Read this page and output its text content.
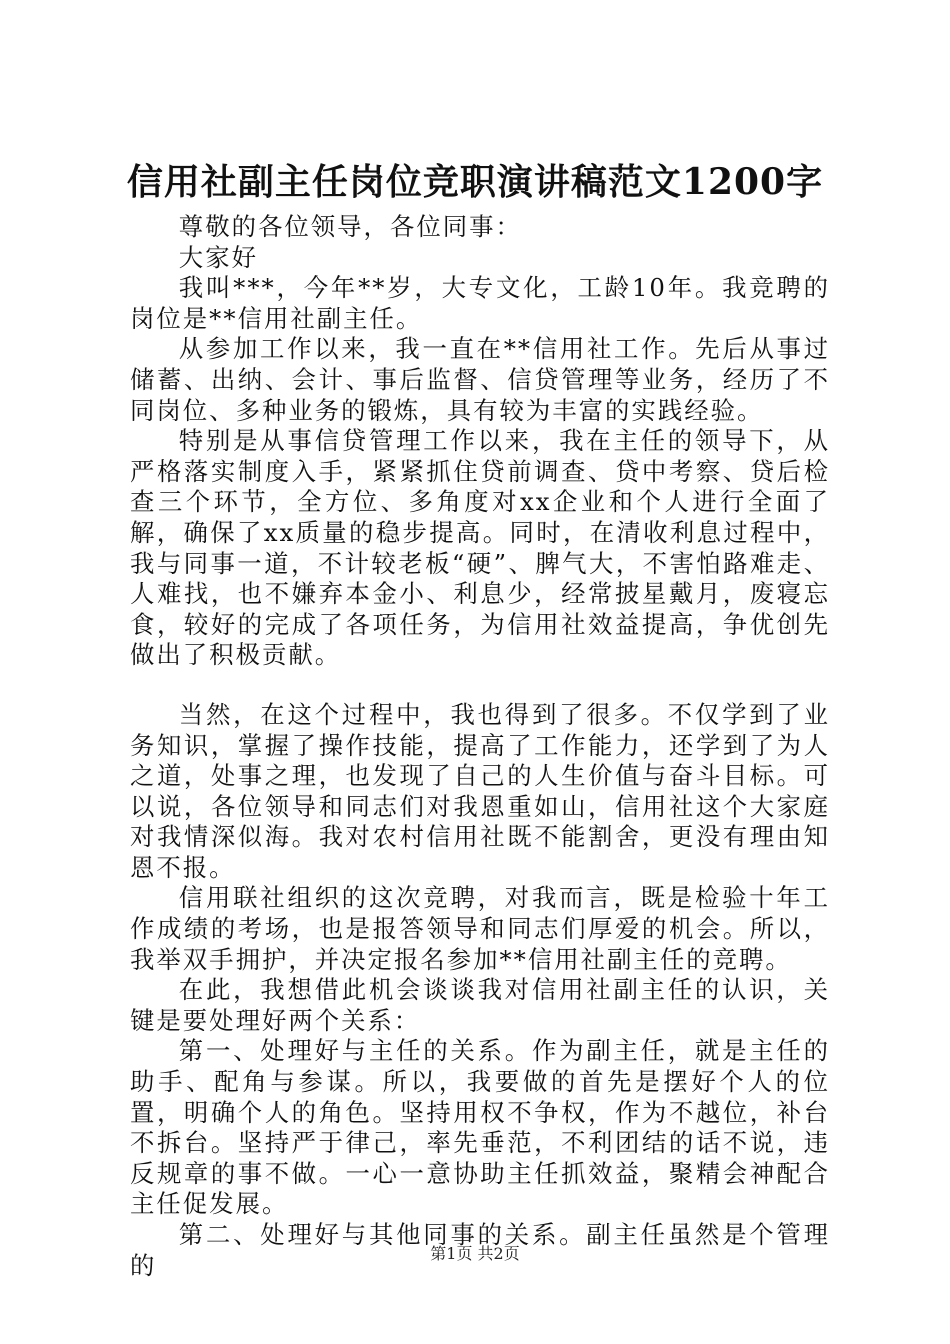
信用社副主任岗位竞职演讲稿范文1200字

尊敬的各位领导，各位同事：

大家好

我叫***，今年**岁，大专文化，工龄10年。我竞聘的岗位是**信用社副主任。

从参加工作以来，我一直在**信用社工作。先后从事过储蓄、出纳、会计、事后监督、信贷管理等业务，经历了不同岗位、多种业务的锻炼，具有较为丰富的实践经验。

特别是从事信贷管理工作以来，我在主任的领导下，从严格落实制度入手，紧紧抓住贷前调查、贷中考察、贷后检查三个环节，全方位、多角度对xx企业和个人进行全面了解，确保了xx质量的稳步提高。同时，在清收利息过程中，我与同事一道，不计较老板“硬”、脾气大，不害怕路难走、人难找，也不嫌弃本金小、利息少，经常披星戴月，废寝忘食，较好的完成了各项任务，为信用社效益提高，争优创先做出了积极贡献。

当然，在这个过程中，我也得到了很多。不仅学到了业务知识，掌握了操作技能，提高了工作能力，还学到了为人之道，处事之理，也发现了自己的人生价值与奋斗目标。可以说，各位领导和同志们对我恩重如山，信用社这个大家庭对我情深似海。我对农村信用社既不能割舍，更没有理由知恩不报。

信用联社组织的这次竞聘，对我而言，既是检验十年工作成绩的考场，也是报答领导和同志们厚爱的机会。所以，我举双手拥护，并决定报名参加**信用社副主任的竞聘。

在此，我想借此机会谈谈我对信用社副主任的认识，关键是要处理好两个关系：

第一、处理好与主任的关系。作为副主任，就是主任的助手、配角与参谋。所以，我要做的首先是摆好个人的位置，明确个人的角色。坚持用权不争权，作为不越位，补台不拆台。坚持严于律己，率先垂范，不利团结的话不说，违反规章的事不做。一心一意协助主任抓效益，聚精会神配合主任促发展。

第二、处理好与其他同事的关系。副主任虽然是个管理的	第1页 共2页
